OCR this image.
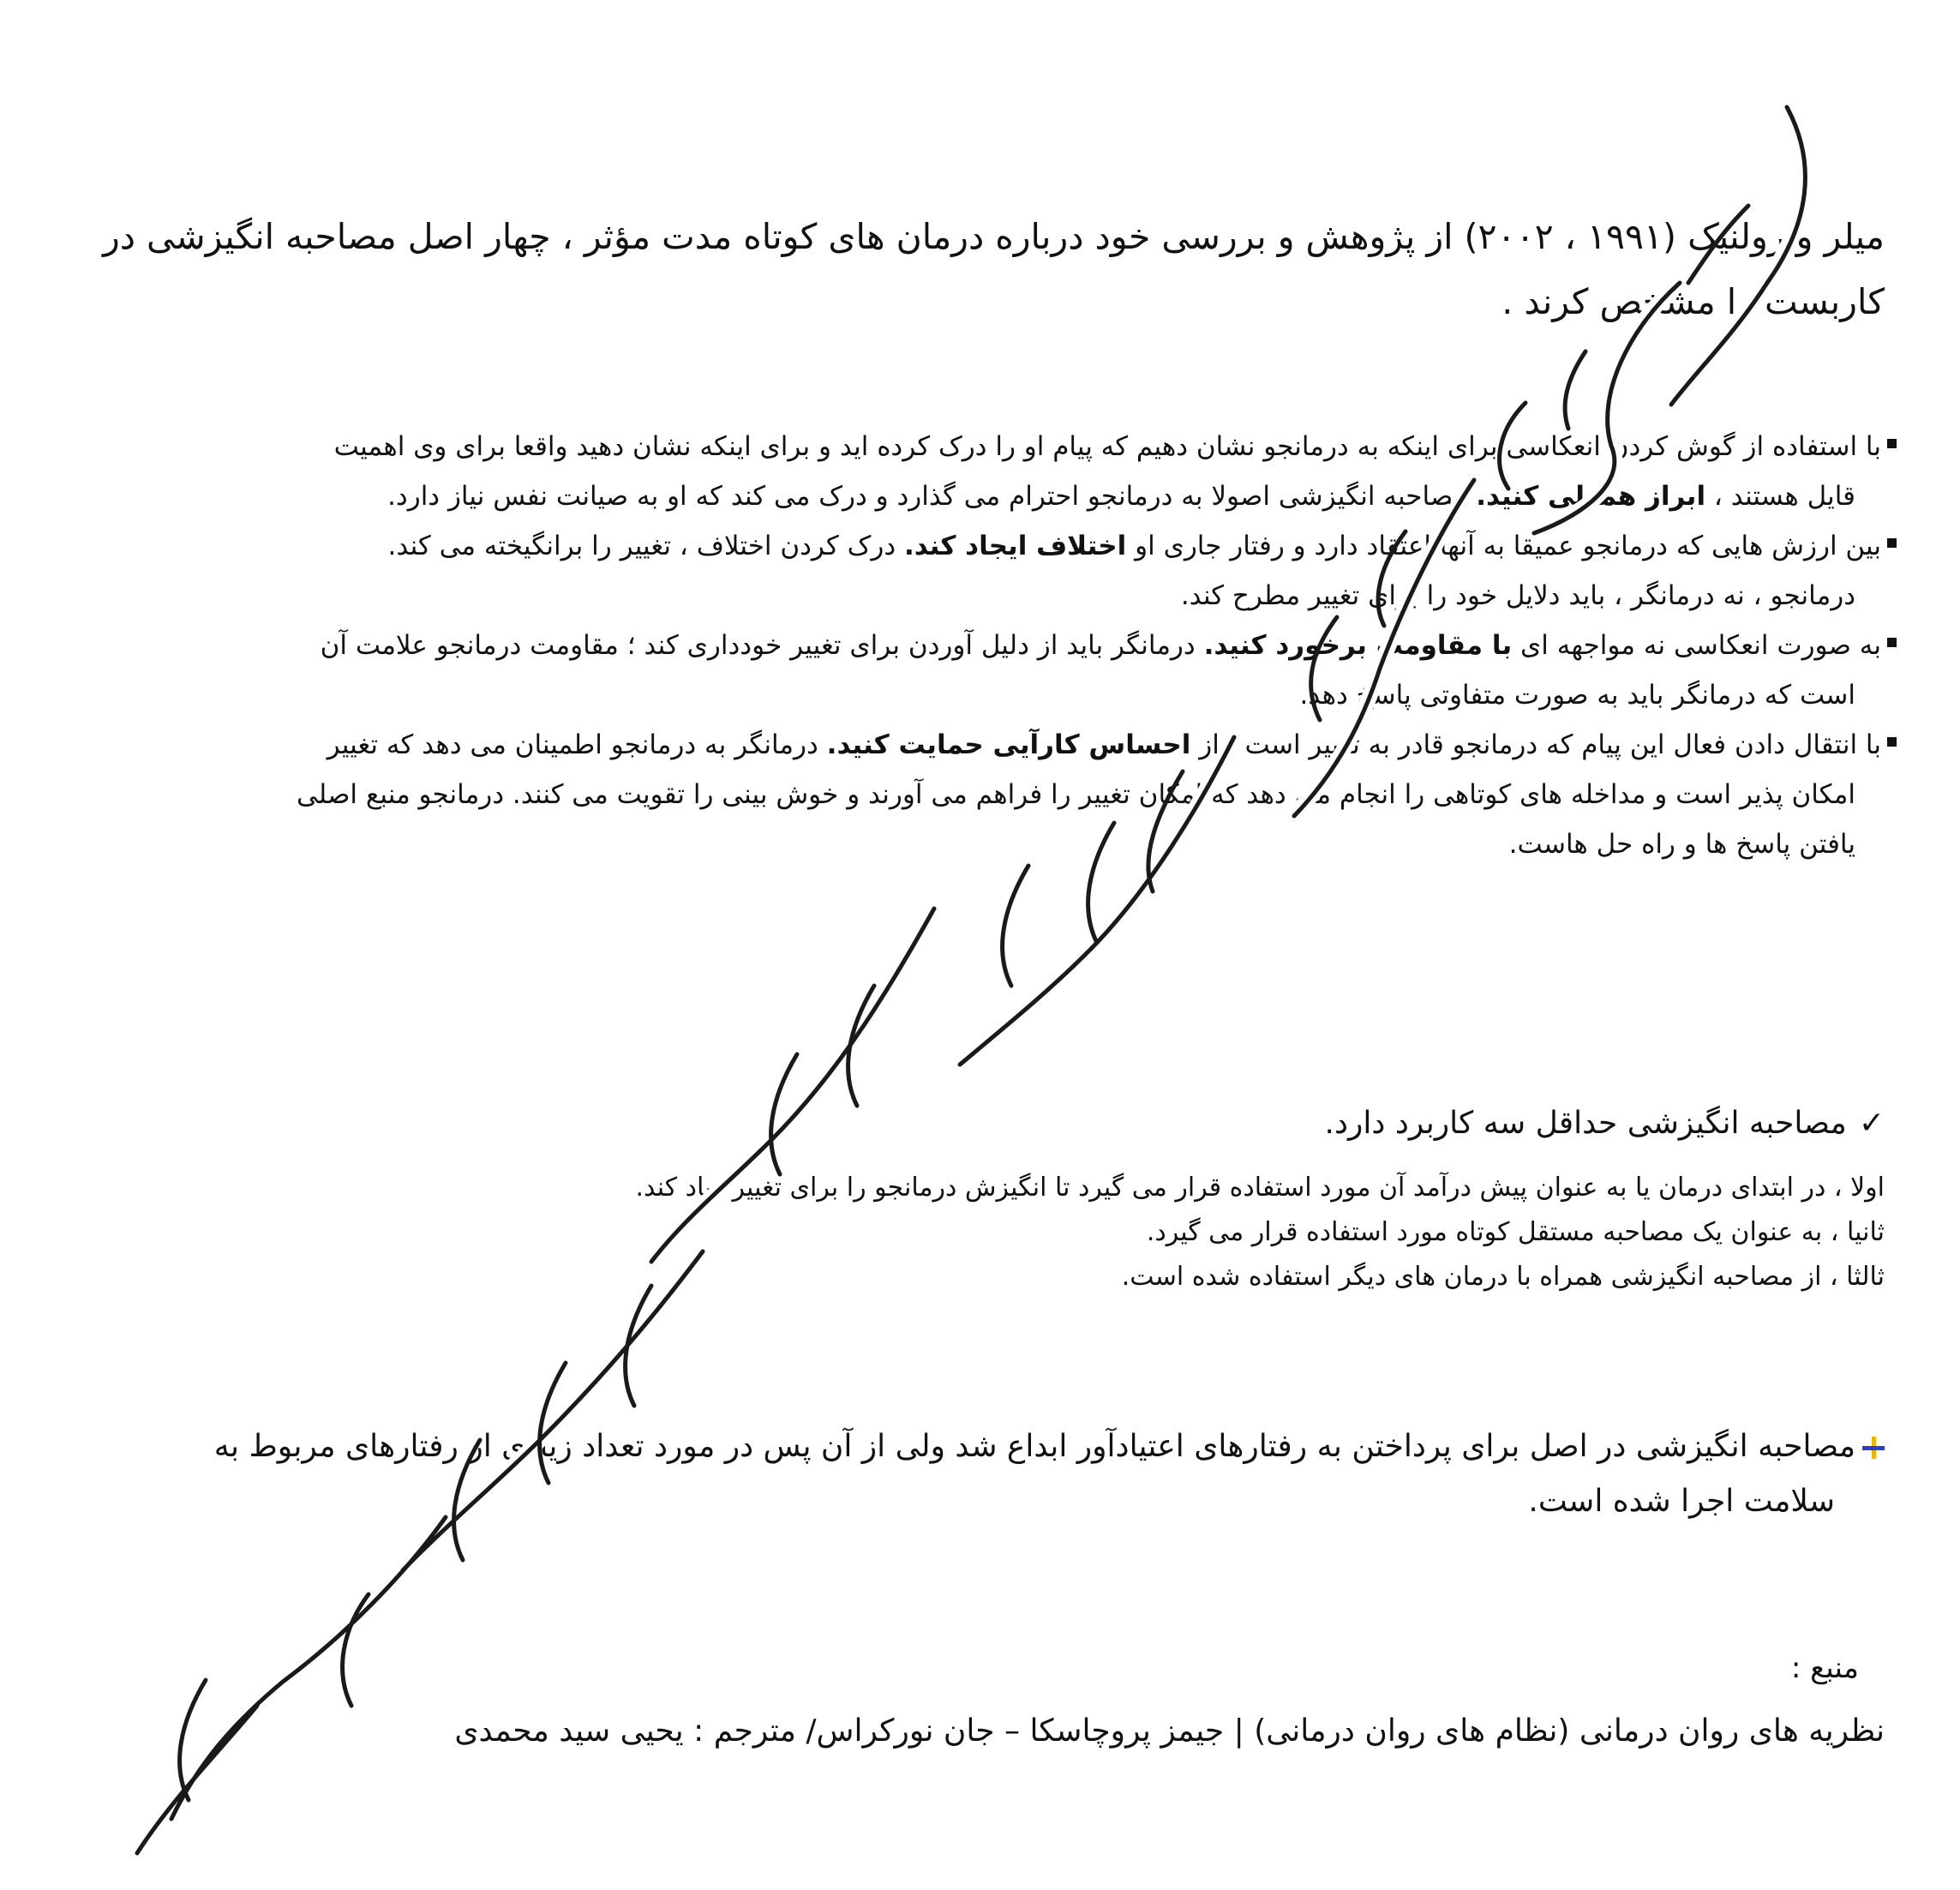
میلر و رولنیک (۱۹۹۱ ، ۲۰۰۲) از پژوهش و بررسی خود درباره درمان های کوتاه مدت مؤثر ، چهار اصل مصاحبه انگیزشی در
کاربست را مشخص کرند .
با استفاده از گوش کردن انعکاسی برای اینکه به درمانجو نشان دهیم که پیام او را درک کرده اید و برای اینکه نشان دهید واقعا برای وی اهمیت
قایل هستند ، ابراز همدلی کنید. مصاحبه انگیزشی اصولا به درمانجو احترام می گذارد و درک می کند که او به صیانت نفس نیاز دارد.
بین ارزش هایی که درمانجو عمیقا به آنها اعتقاد دارد و رفتار جاری او اختلاف ایجاد کند. درک کردن اختلاف ، تغییر را برانگیخته می کند.
درمانجو ، نه درمانگر ، باید دلایل خود را برای تغییر مطرح کند.
به صورت انعکاسی نه مواجهه ای با مقاومت برخورد کنید. درمانگر باید از دلیل آوردن برای تغییر خودداری کند ؛ مقاومت درمانجو علامت آن
است که درمانگر باید به صورت متفاوتی پاسخ دهد.
با انتقال دادن فعال این پیام که درمانجو قادر به تغییر است ، از احساس کارآیی حمایت کنید. درمانگر به درمانجو اطمینان می دهد که تغییر
امکان پذیر است و مداخله های کوتاهی را انجام می دهد که امکان تغییر را فراهم می آورند و خوش بینی را تقویت می کنند. درمانجو منبع اصلی
یافتن پاسخ ها و راه حل هاست.
✓مصاحبه انگیزشی حداقل سه کاربرد دارد.
اولا ، در ابتدای درمان یا به عنوان پیش درآمد آن مورد استفاده قرار می گیرد تا انگیزش درمانجو را برای تغییر زیاد کند.
ثانیا ، به عنوان یک مصاحبه مستقل کوتاه مورد استفاده قرار می گیرد.
ثالثا ، از مصاحبه انگیزشی همراه با درمان های دیگر استفاده شده است.
مصاحبه انگیزشی در اصل برای پرداختن به رفتارهای اعتیادآور ابداع شد ولی از آن پس در مورد تعداد زیادی از رفتارهای مربوط به
سلامت اجرا شده است.
منبع :
نظریه های روان درمانی (نظام های روان درمانی) | جیمز پروچاسکا – جان نورکراس/ مترجم : یحیی سید محمدی
